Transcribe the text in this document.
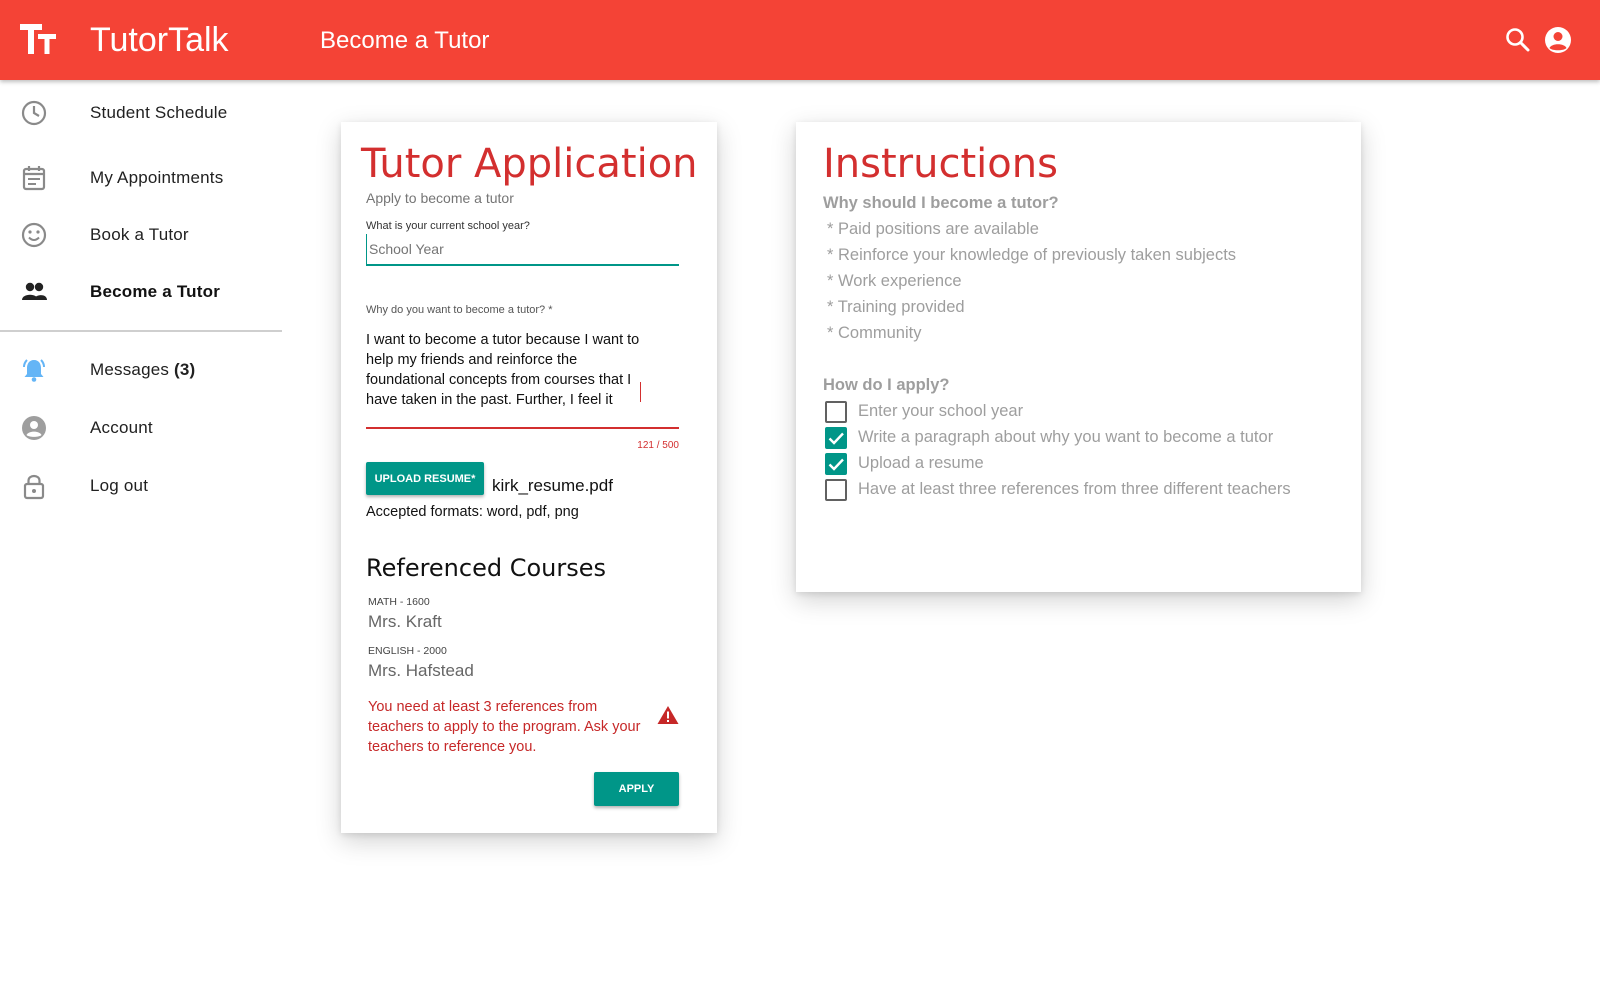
TutorTalk	Become a Tutor
Student Schedule
My Appointments
Book a Tutor
Become a Tutor
Messages (3)
Account
Log out
Tutor Application
Apply to become a tutor
What is your current school year?
School Year
Why do you want to become a tutor? *
I want to become a tutor because I want to help my friends and reinforce the foundational concepts from courses that I have taken in the past. Further, I feel it
121 / 500
UPLOAD RESUME* kirk_resume.pdf
Accepted formats: word, pdf, png
Referenced Courses
MATH - 1600
Mrs. Kraft
ENGLISH - 2000
Mrs. Hafstead
You need at least 3 references from teachers to apply to the program. Ask your teachers to reference you.
APPLY
Instructions
Why should I become a tutor?
* Paid positions are available
* Reinforce your knowledge of previously taken subjects
* Work experience
* Training provided
* Community
How do I apply?
Enter your school year
Write a paragraph about why you want to become a tutor
Upload a resume
Have at least three references from three different teachers
